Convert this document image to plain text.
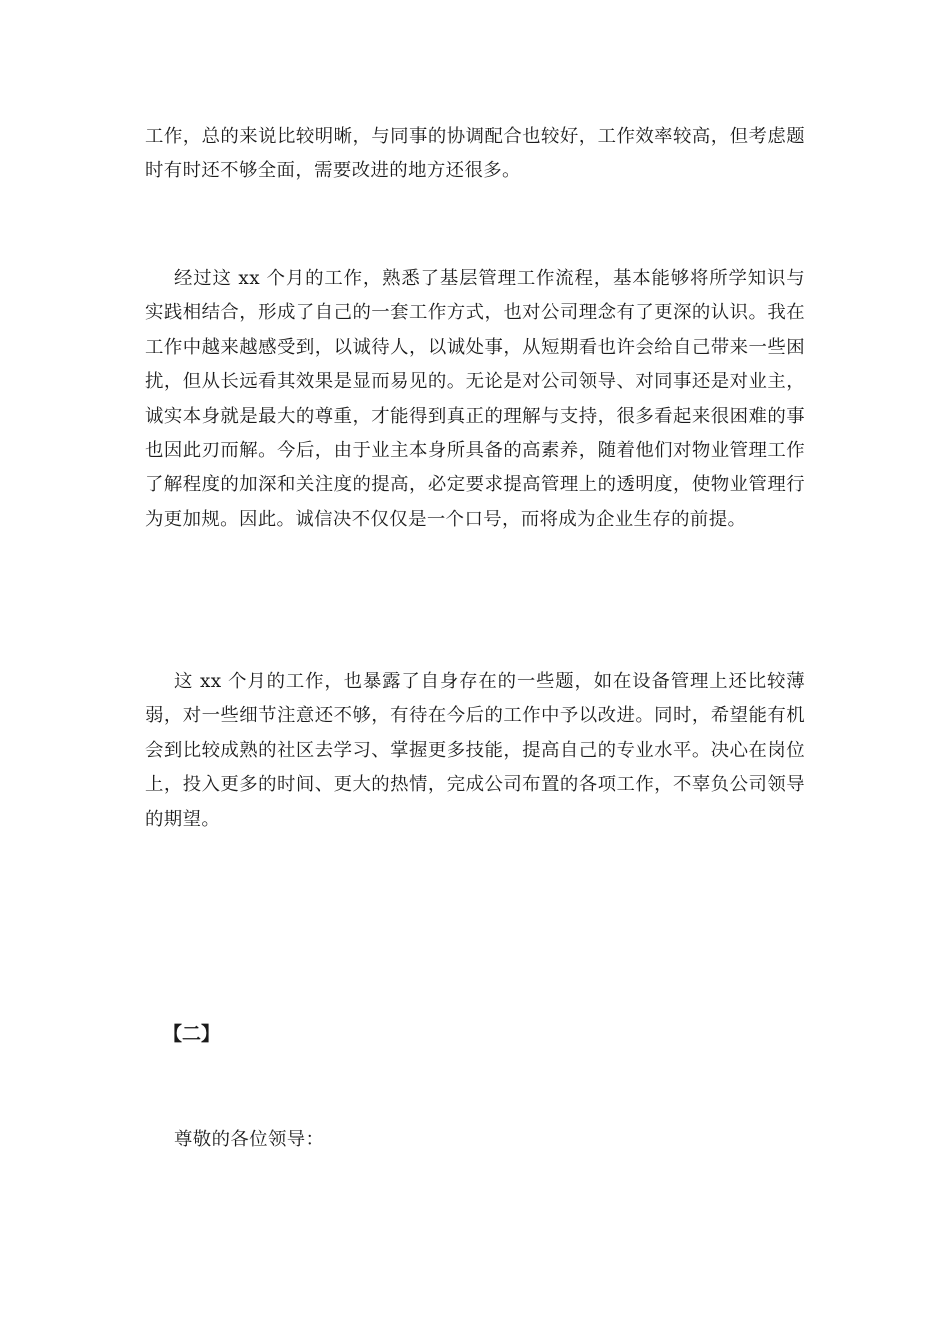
工作，总的来说比较明晰，与同事的协调配合也较好，工作效率较高，但考虑题时有时还不够全面，需要改进的地方还很多。

经过这 xx 个月的工作，熟悉了基层管理工作流程，基本能够将所学知识与实践相结合，形成了自己的一套工作方式，也对公司理念有了更深的认识。我在工作中越来越感受到，以诚待人，以诚处事，从短期看也许会给自己带来一些困扰，但从长远看其效果是显而易见的。无论是对公司领导、对同事还是对业主，诚实本身就是最大的尊重，才能得到真正的理解与支持，很多看起来很困难的事也因此刃而解。今后，由于业主本身所具备的高素养，随着他们对物业管理工作了解程度的加深和关注度的提高，必定要求提高管理上的透明度，使物业管理行为更加规。因此。诚信决不仅仅是一个口号，而将成为企业生存的前提。

这 xx 个月的工作，也暴露了自身存在的一些题，如在设备管理上还比较薄弱，对一些细节注意还不够，有待在今后的工作中予以改进。同时，希望能有机会到比较成熟的社区去学习、掌握更多技能，提高自己的专业水平。决心在岗位上，投入更多的时间、更大的热情，完成公司布置的各项工作，不辜负公司领导的期望。

【二】

尊敬的各位领导：
